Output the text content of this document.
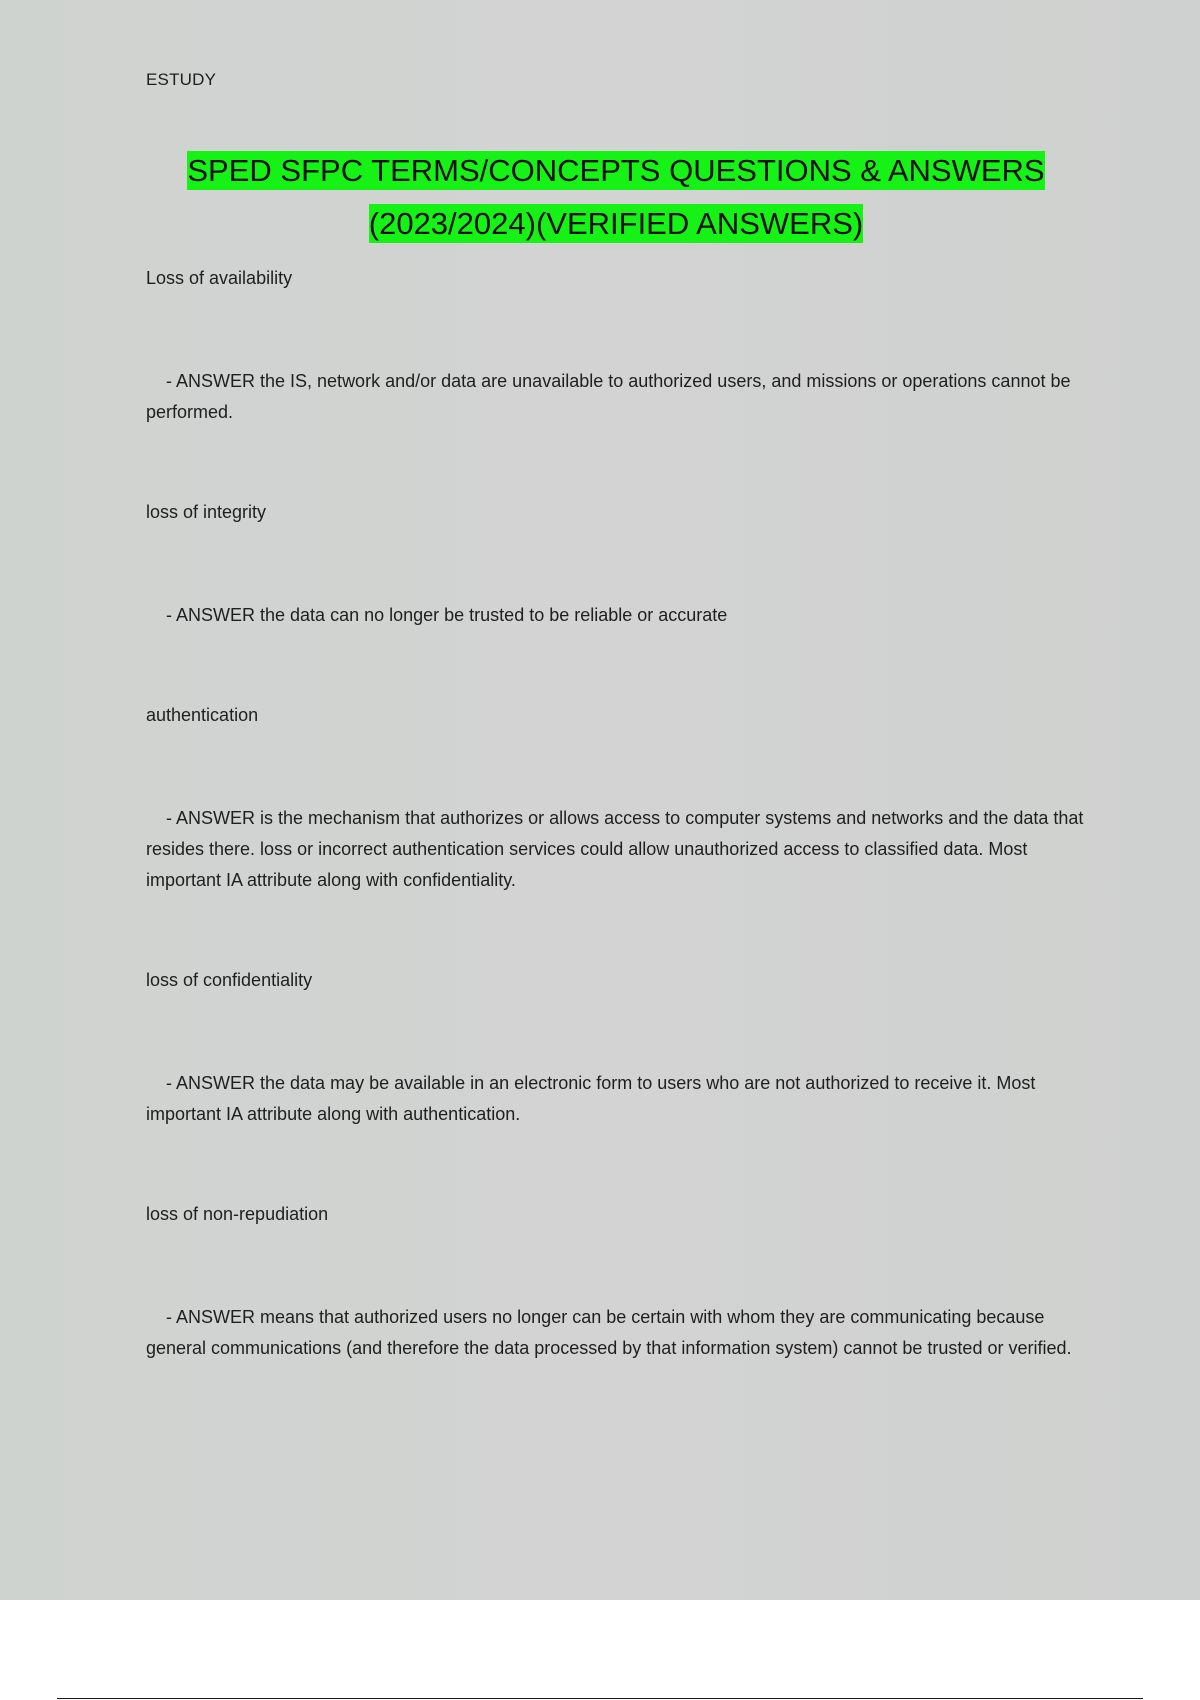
ESTUDY
SPED SFPC TERMS/CONCEPTS QUESTIONS & ANSWERS
(2023/2024)(VERIFIED ANSWERS)
Loss of availability
- ANSWER the IS, network and/or data are unavailable to authorized users, and missions or operations cannot be performed.
loss of integrity
- ANSWER the data can no longer be trusted to be reliable or accurate
authentication
- ANSWER is the mechanism that authorizes or allows access to computer systems and networks and the data that resides there. loss or incorrect authentication services could allow unauthorized access to classified data. Most important IA attribute along with confidentiality.
loss of confidentiality
- ANSWER the data may be available in an electronic form to users who are not authorized to receive it. Most important IA attribute along with authentication.
loss of non-repudiation
- ANSWER means that authorized users no longer can be certain with whom they are communicating because general communications (and therefore the data processed by that information system) cannot be trusted or verified.
